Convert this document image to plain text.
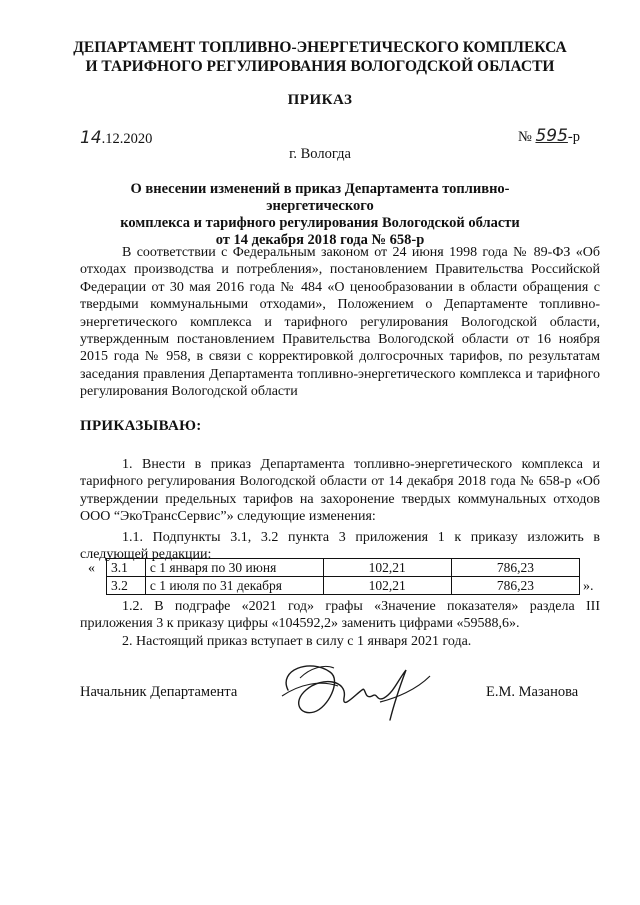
ДЕПАРТАМЕНТ ТОПЛИВНО-ЭНЕРГЕТИЧЕСКОГО КОМПЛЕКСА
И ТАРИФНОГО РЕГУЛИРОВАНИЯ ВОЛОГОДСКОЙ ОБЛАСТИ
ПРИКАЗ
14.12.2020	№ 595-р
г. Вологда
О внесении изменений в приказ Департамента топливно-энергетического
комплекса и тарифного регулирования Вологодской области
от 14 декабря 2018 года № 658-р
В соответствии с Федеральным законом от 24 июня 1998 года № 89-ФЗ «Об отходах производства и потребления», постановлением Правительства Российской Федерации от 30 мая 2016 года № 484 «О ценообразовании в области обращения с твердыми коммунальными отходами», Положением о Департаменте топливно-энергетического комплекса и тарифного регулирования Вологодской области, утвержденным постановлением Правительства Вологодской области от 16 ноября 2015 года № 958, в связи с корректировкой долгосрочных тарифов, по результатам заседания правления Департамента топливно-энергетического комплекса и тарифного регулирования Вологодской области
ПРИКАЗЫВАЮ:
1. Внести в приказ Департамента топливно-энергетического комплекса и тарифного регулирования Вологодской области от 14 декабря 2018 года № 658-р «Об утверждении предельных тарифов на захоронение твердых коммунальных отходов ООО “ЭкоТрансСервис”» следующие изменения:
1.1. Подпункты 3.1, 3.2 пункта 3 приложения 1 к приказу изложить в следующей редакции:
« 3.1	с 1 января по 30 июня	102,21	786,23
3.2	с 1 июля по 31 декабря	102,21	786,23	».
1.2. В подграфе «2021 год» графы «Значение показателя» раздела III приложения 3 к приказу цифры «104592,2» заменить цифрами «59588,6».
2. Настоящий приказ вступает в силу с 1 января 2021 года.
Начальник Департамента	Е.М. Мазанова
